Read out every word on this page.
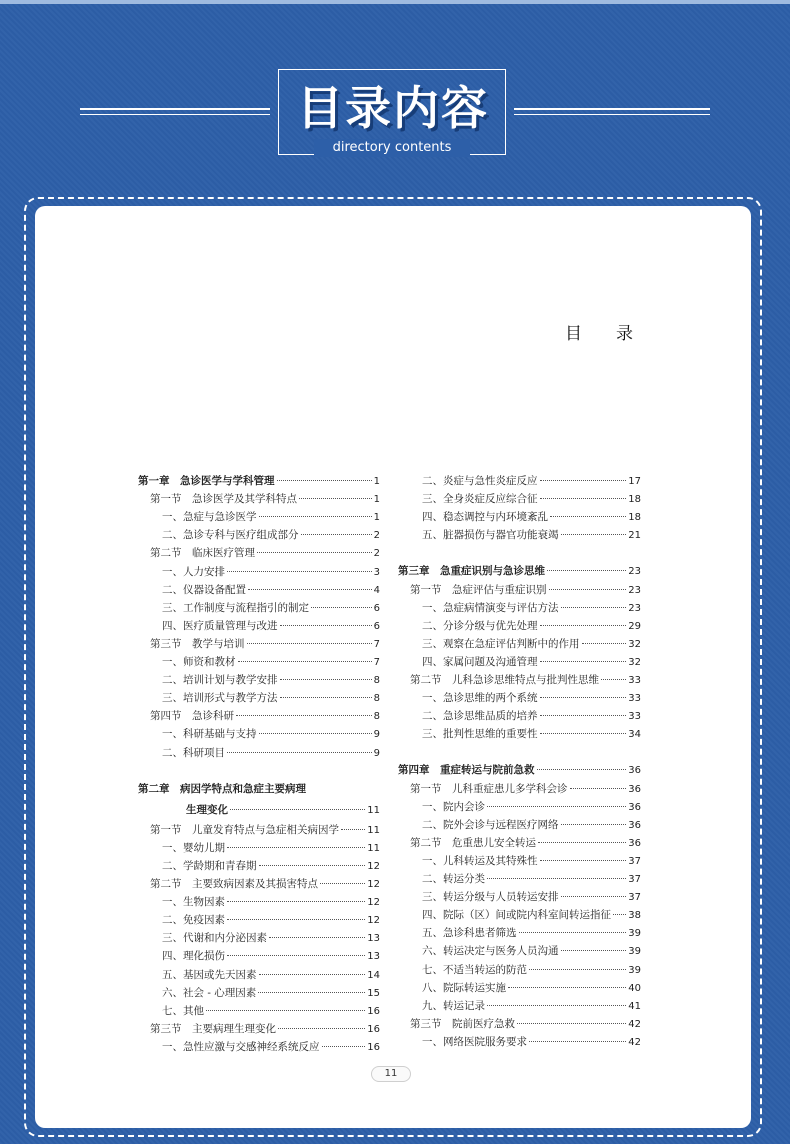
目录内容
directory contents
目　　录
第一章　急诊医学与学科管理	1
第一节　急诊医学及其学科特点	1
一、急症与急诊医学	1
二、急诊专科与医疗组成部分	2
第二节　临床医疗管理	2
一、人力安排	3
二、仪器设备配置	4
三、工作制度与流程指引的制定	6
四、医疗质量管理与改进	6
第三节　教学与培训	7
一、师资和教材	7
二、培训计划与教学安排	8
三、培训形式与教学方法	8
第四节　急诊科研	8
一、科研基础与支持	9
二、科研项目	9
第二章　病因学特点和急症主要病理
生理变化	11
第一节　儿童发育特点与急症相关病因学	11
一、婴幼儿期	11
二、学龄期和青春期	12
第二节　主要致病因素及其损害特点	12
一、生物因素	12
二、免疫因素	12
三、代谢和内分泌因素	13
四、理化损伤	13
五、基因或先天因素	14
六、社会 - 心理因素	15
七、其他	16
第三节　主要病理生理变化	16
一、急性应激与交感神经系统反应	16
二、炎症与急性炎症反应	17
三、全身炎症反应综合征	18
四、稳态调控与内环境紊乱	18
五、脏器损伤与器官功能衰竭	21
第三章　急重症识别与急诊思维	23
第一节　急症评估与重症识别	23
一、急症病情演变与评估方法	23
二、分诊分级与优先处理	29
三、观察在急症评估判断中的作用	32
四、家属问题及沟通管理	32
第二节　儿科急诊思维特点与批判性思维	33
一、急诊思维的两个系统	33
二、急诊思维品质的培养	33
三、批判性思维的重要性	34
第四章　重症转运与院前急救	36
第一节　儿科重症患儿多学科会诊	36
一、院内会诊	36
二、院外会诊与远程医疗网络	36
第二节　危重患儿安全转运	36
一、儿科转运及其特殊性	37
二、转运分类	37
三、转运分级与人员转运安排	37
四、院际（区）间或院内科室间转运指征 38
五、急诊科患者筛选	39
六、转运决定与医务人员沟通	39
七、不适当转运的防范	39
八、院际转运实施	40
九、转运记录	41
第三节　院前医疗急救	42
一、网络医院服务要求	42
11
